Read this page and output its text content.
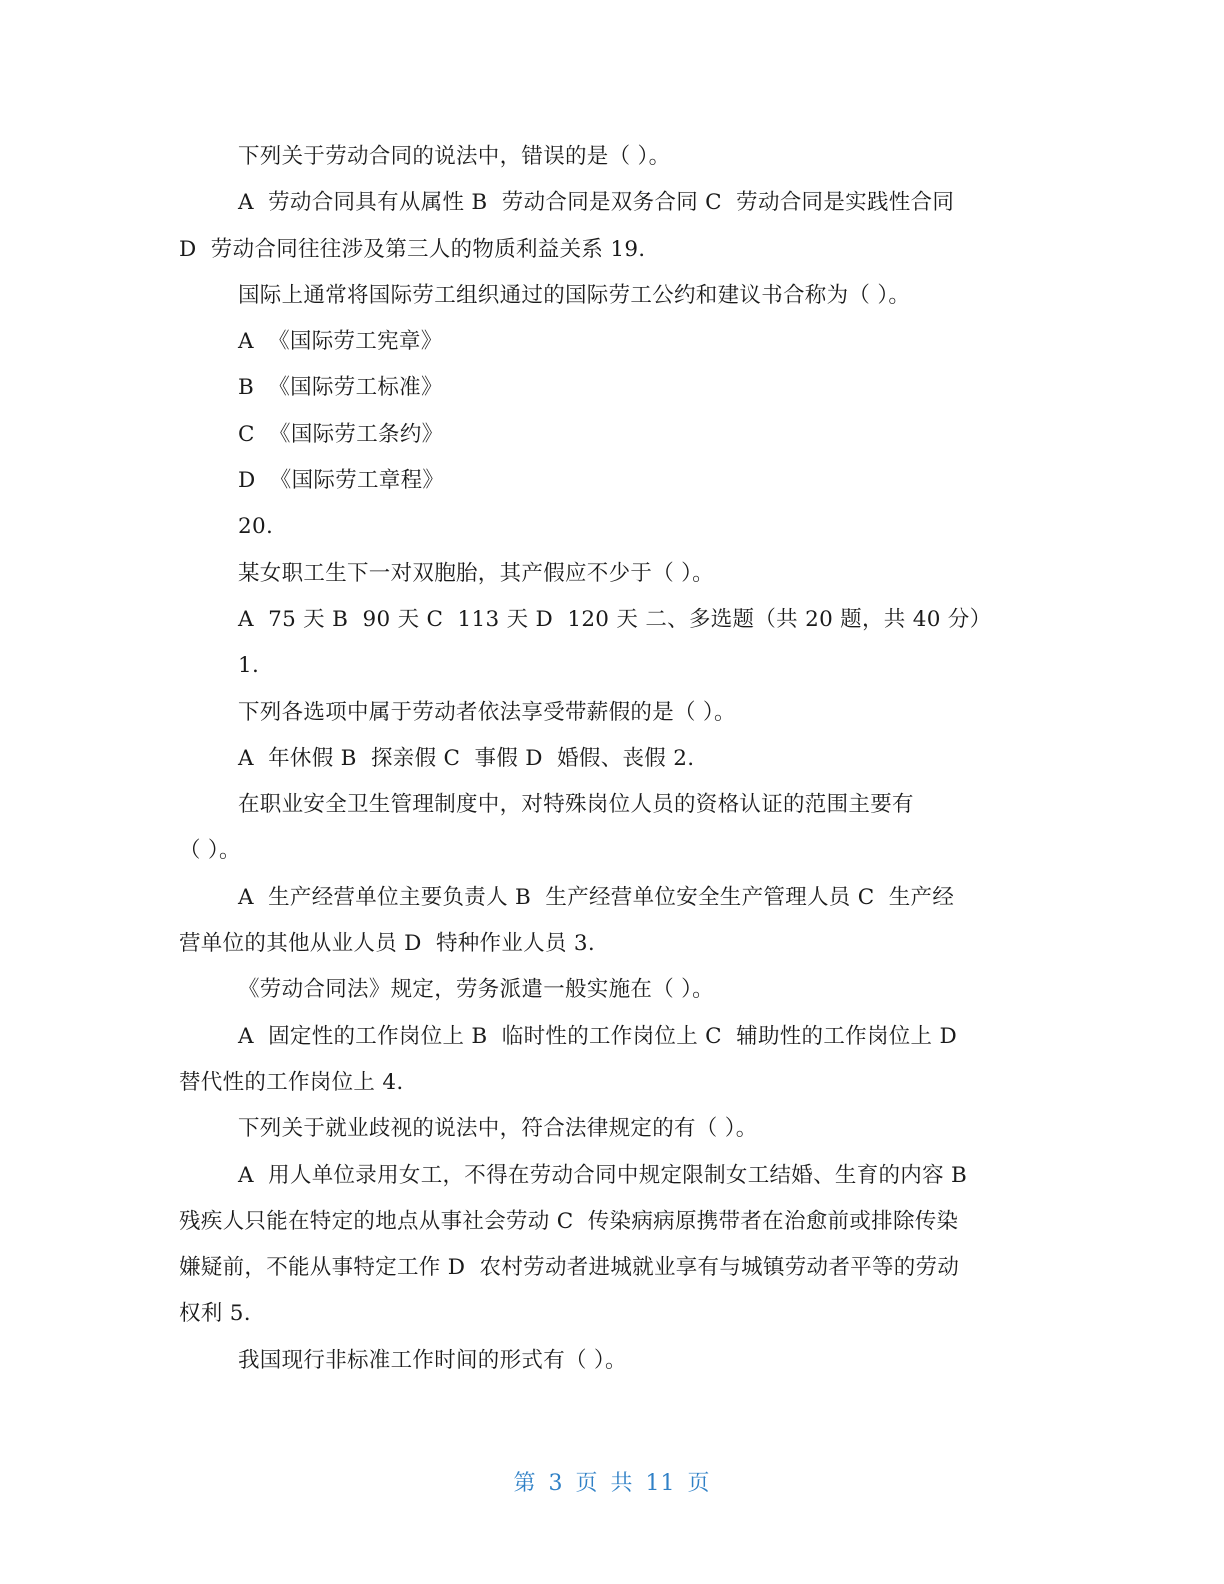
下列关于劳动合同的说法中，错误的是（ ）。
A  劳动合同具有从属性 B  劳动合同是双务合同 C  劳动合同是实践性合同
D  劳动合同往往涉及第三人的物质利益关系 19.
国际上通常将国际劳工组织通过的国际劳工公约和建议书合称为（ ）。
A  《国际劳工宪章》
B  《国际劳工标准》
C  《国际劳工条约》
D  《国际劳工章程》
20.
某女职工生下一对双胞胎，其产假应不少于（ ）。
A  75 天 B  90 天 C  113 天 D  120 天 二、多选题（共 20 题，共 40 分）
1.
下列各选项中属于劳动者依法享受带薪假的是（ ）。
A  年休假 B  探亲假 C  事假 D  婚假、丧假 2.
在职业安全卫生管理制度中，对特殊岗位人员的资格认证的范围主要有
（ ）。
A  生产经营单位主要负责人 B  生产经营单位安全生产管理人员 C  生产经
营单位的其他从业人员 D  特种作业人员 3.
《劳动合同法》规定，劳务派遣一般实施在（ ）。
A  固定性的工作岗位上 B  临时性的工作岗位上 C  辅助性的工作岗位上 D
替代性的工作岗位上 4.
下列关于就业歧视的说法中，符合法律规定的有（ ）。
A  用人单位录用女工，不得在劳动合同中规定限制女工结婚、生育的内容 B
残疾人只能在特定的地点从事社会劳动 C  传染病病原携带者在治愈前或排除传染
嫌疑前，不能从事特定工作 D  农村劳动者进城就业享有与城镇劳动者平等的劳动
权利 5.
我国现行非标准工作时间的形式有（ ）。
第 3 页 共 11 页
